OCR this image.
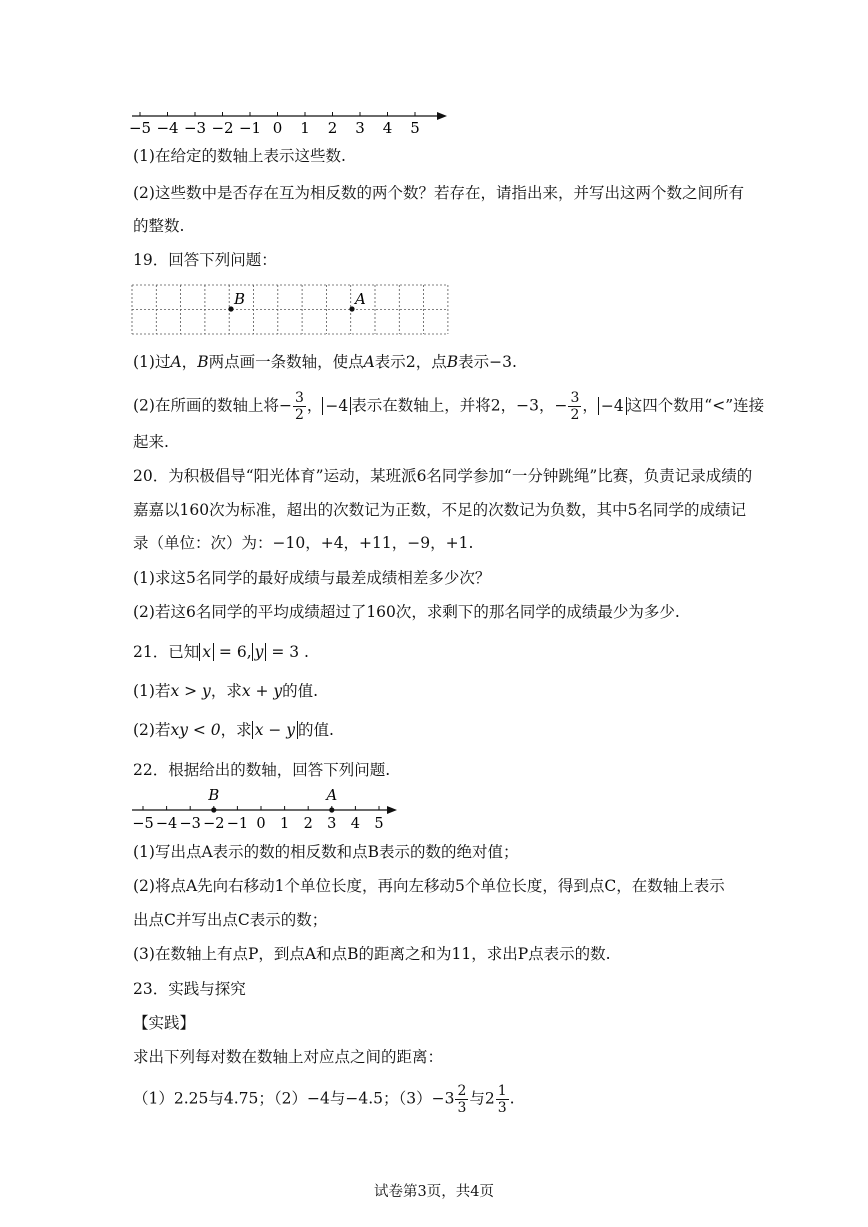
−5 −4 −3 −2 −1 0 1 2 3 4 5
(1)在给定的数轴上表示这些数.
(2)这些数中是否存在互为相反数的两个数？若存在，请指出来，并写出这两个数之间所有
的整数.
19．回答下列问题：
B	A
(1)过A，B两点画一条数轴，使点A表示2，点B表示−3.
(2)在所画的数轴上将− $\frac{3}{2}$ ， −4 表示在数轴上，并将2，−3，− $\frac{3}{2}$ ， −4 这四个数用“<”连接
起来.
20．为积极倡导“阳光体育”运动，某班派6名同学参加“一分钟跳绳”比赛，负责记录成绩的
嘉嘉以160次为标准，超出的次数记为正数，不足的次数记为负数，其中5名同学的成绩记
录（单位：次）为：−10，+4，+11，−9，+1.
(1)求这5名同学的最好成绩与最差成绩相差多少次？
(2)若这6名同学的平均成绩超过了160次，求剩下的那名同学的成绩最少为多少.
21．已知 x = 6, y = 3 .
(1)若x > y，求x + y的值.
(2)若xy < 0，求 x − y 的值.
22．根据给出的数轴，回答下列问题.
−5 −4 −3 −2 −1 0 1 2 3 4 5
B	A
(1)写出点A表示的数的相反数和点B表示的数的绝对值；
(2)将点A先向右移动1个单位长度，再向左移动5个单位长度，得到点C，在数轴上表示
出点C并写出点C表示的数；
(3)在数轴上有点P，到点A和点B的距离之和为11，求出P点表示的数.
23．实践与探究
【实践】
求出下列每对数在数轴上对应点之间的距离：
（1）2.25与4.75；（2）−4与−4.5；$(3)-3 \frac{2}{3}$ 与$2 \frac{1}{3}$ .
试卷第3页，共4页
